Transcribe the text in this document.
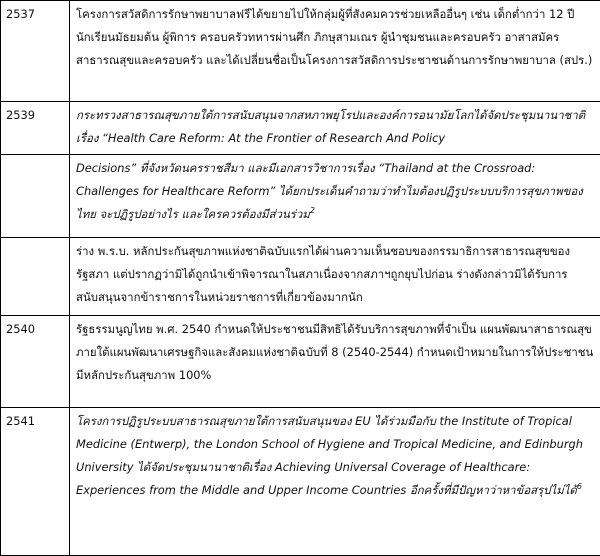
2537	โครงการสวัสดิการรักษาพยาบาลฟรีได้ขยายไปให้กลุ่มผู้ที่สังคมควรช่วยเหลืออื่นๆ เช่น เด็กต่ำกว่า 12 ปี นักเรียนมัธยมต้น ผู้พิการ ครอบครัวทหารผ่านศึก ภิกษุสามเณร ผู้นำชุมชนและครอบครัว อาสาสมัครสาธารณสุขและครอบครัว และได้เปลี่ยนชื่อเป็นโครงการสวัสดิการประชาชนด้านการรักษาพยาบาล (สปร.)
2539	กระทรวงสาธารณสุขภายใต้การสนับสนุนจากสหภาพยุโรปและองค์การอนามัยโลกได้จัดประชุมนานาชาติ เรื่อง “Health Care Reform: At the Frontier of Research And Policy
	Decisions” ที่จังหวัดนครราชสีมา และมีเอกสารวิชาการเรื่อง “Thailand at the Crossroad: Challenges for Healthcare Reform” ได้ยกประเด็นคำถามว่าทำไมต้องปฏิรูประบบบริการสุขภาพของไทย จะปฏิรูปอย่างไร และใครควรต้องมีส่วนร่วม$^2$
	ร่าง พ.ร.บ. หลักประกันสุขภาพแห่งชาติฉบับแรกได้ผ่านความเห็นชอบของกรรมาธิการสาธารณสุขของรัฐสภา แต่ปรากฏว่ามิได้ถูกนำเข้าพิจารณาในสภาเนื่องจากสภาฯถูกยุบไปก่อน ร่างดังกล่าวมิได้รับการสนับสนุนจากข้าราชการในหน่วยราชการที่เกี่ยวข้องมากนัก
2540	รัฐธรรมนูญไทย พ.ศ. 2540 กำหนดให้ประชาชนมีสิทธิได้รับบริการสุขภาพที่จำเป็น แผนพัฒนาสาธารณสุขภายใต้แผนพัฒนาเศรษฐกิจและสังคมแห่งชาติฉบับที่ 8 (2540-2544) กำหนดเป้าหมายในการให้ประชาชนมีหลักประกันสุขภาพ 100%
2541	โครงการปฏิรูประบบสาธารณสุขภายใต้การสนับสนุนของ EU ได้ร่วมมือกับ the Institute of Tropical Medicine (Entwerp), the London School of Hygiene and Tropical Medicine, and Edinburgh University ได้จัดประชุมนานาชาติเรื่อง Achieving Universal Coverage of Healthcare: Experiences from the Middle and Upper Income Countries อีกครั้งที่มีปัญหาว่าหาข้อสรุปไม่ได้$^6$
